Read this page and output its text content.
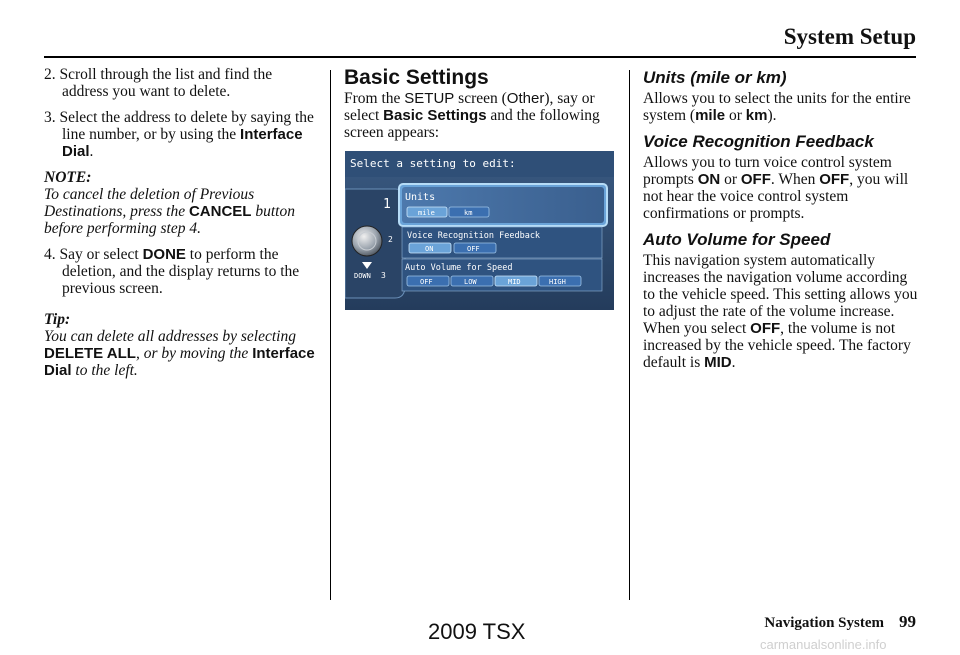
System Setup

2. Scroll through the list and find the address you want to delete.

3. Select the address to delete by saying the line number, or by using the Interface Dial.

NOTE:

To cancel the deletion of Previous Destinations, press the CANCEL button before performing step 4.

4. Say or select DONE to perform the deletion, and the display returns to the previous screen.

Tip:

You can delete all addresses by selecting DELETE ALL, or by moving the Interface Dial to the left.

Basic Settings

From the SETUP screen (Other), say or select Basic Settings and the following screen appears:

Select a setting to edit:
DOWN
1
2
3
Units
mile	km
Voice Recognition Feedback
ON	OFF
Auto Volume for Speed
OFF	LOW	MID	HIGH
Units (mile or km)

Allows you to select the units for the entire system (mile or km).

Voice Recognition Feedback

Allows you to turn voice control system prompts ON or OFF. When OFF, you will not hear the voice control system confirmations or prompts.

Auto Volume for Speed

This navigation system automatically increases the navigation volume according to the vehicle speed. This setting allows you to adjust the rate of the volume increase.

When you select OFF, the volume is not increased by the vehicle speed. The factory default is MID.

Navigation System 99
2009 TSX
carmanualsonline.info
